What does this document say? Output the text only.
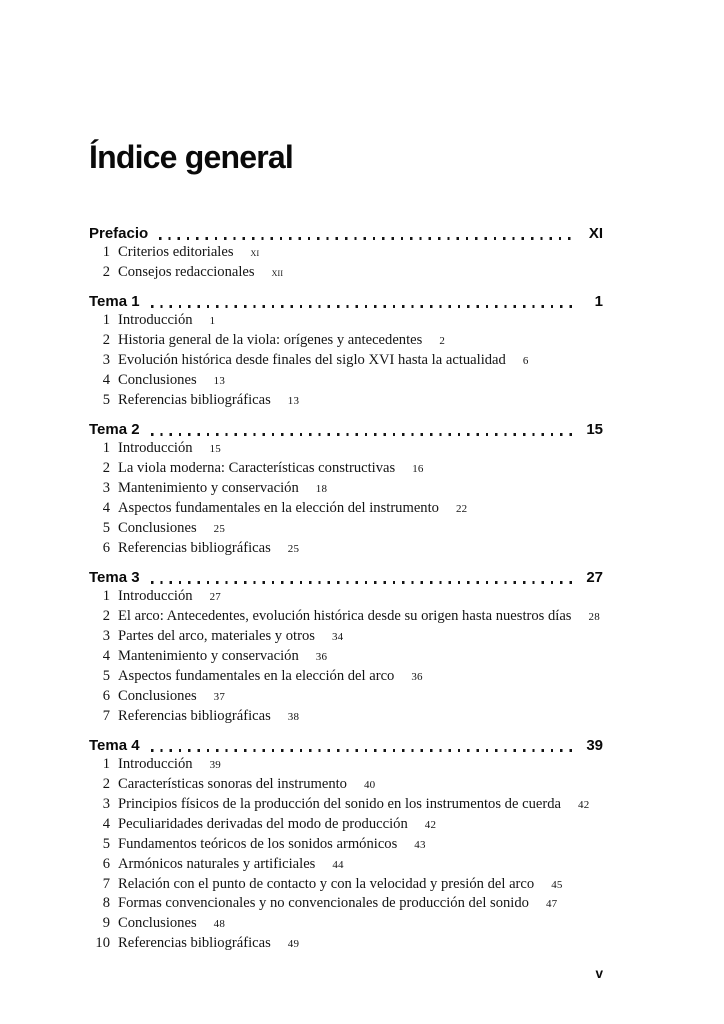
Índice general
Prefacio	XI
1 Criterios editoriales xi
2 Consejos redaccionales xii
Tema 1	1
1 Introducción 1
2 Historia general de la viola: orígenes y antecedentes 2
3 Evolución histórica desde finales del siglo XVI hasta la actualidad 6
4 Conclusiones 13
5 Referencias bibliográficas 13
Tema 2	15
1 Introducción 15
2 La viola moderna: Características constructivas 16
3 Mantenimiento y conservación 18
4 Aspectos fundamentales en la elección del instrumento 22
5 Conclusiones 25
6 Referencias bibliográficas 25
Tema 3	27
1 Introducción 27
2 El arco: Antecedentes, evolución histórica desde su origen hasta nuestros días 28
3 Partes del arco, materiales y otros 34
4 Mantenimiento y conservación 36
5 Aspectos fundamentales en la elección del arco 36
6 Conclusiones 37
7 Referencias bibliográficas 38
Tema 4	39
1 Introducción 39
2 Características sonoras del instrumento 40
3 Principios físicos de la producción del sonido en los instrumentos de cuerda 42
4 Peculiaridades derivadas del modo de producción 42
5 Fundamentos teóricos de los sonidos armónicos 43
6 Armónicos naturales y artificiales 44
7 Relación con el punto de contacto y con la velocidad y presión del arco 45
8 Formas convencionales y no convencionales de producción del sonido 47
9 Conclusiones 48
10 Referencias bibliográficas 49
v
